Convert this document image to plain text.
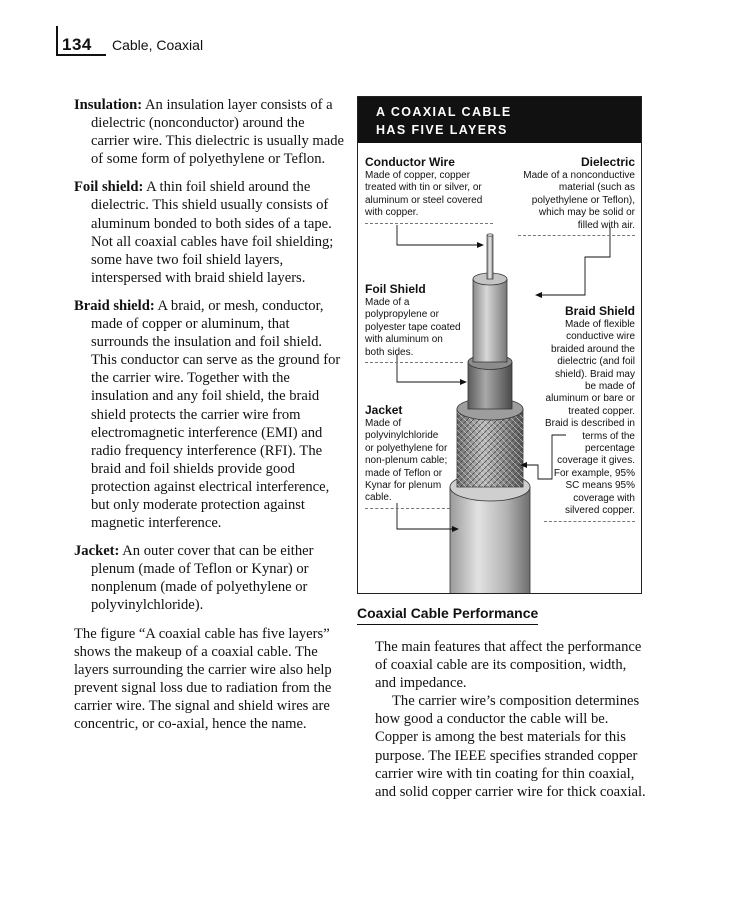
134 Cable, Coaxial

Insulation: An insulation layer consists of a dielectric (nonconductor) around the carrier wire. This dielectric is usually made of some form of polyethylene or Teflon.

Foil shield: A thin foil shield around the dielectric. This shield usually consists of aluminum bonded to both sides of a tape. Not all coaxial cables have foil shielding; some have two foil shield layers, interspersed with braid shield layers.

Braid shield: A braid, or mesh, conductor, made of copper or aluminum, that surrounds the insulation and foil shield. This conductor can serve as the ground for the carrier wire. Together with the insulation and any foil shield, the braid shield protects the carrier wire from electromagnetic interference (EMI) and radio frequency interference (RFI). The braid and foil shields provide good protection against electrical interference, but only moderate protection against magnetic interference.

Jacket: An outer cover that can be either plenum (made of Teflon or Kynar) or nonplenum (made of polyethylene or polyvinylchloride).

The figure “A coaxial cable has five layers” shows the makeup of a coaxial cable. The layers surrounding the carrier wire also help prevent signal loss due to radiation from the carrier wire. The signal and shield wires are concentric, or co-axial, hence the name.

A COAXIAL CABLE
HAS FIVE LAYERS
Conductor Wire
Made of copper, copper treated with tin or silver, or aluminum or steel covered with copper.
Dielectric
Made of a nonconductive material (such as polyethylene or Teflon), which may be solid or filled with air.
Foil Shield
Made of a polypropylene or polyester tape coated with aluminum on both sides.
Braid Shield
Made of flexible conductive wire braided around the dielectric (and foil shield). Braid may be made of aluminum or bare or treated copper. Braid is described in terms of the percentage coverage it gives. For example, 95% SC means 95% coverage with silvered copper.
Jacket
Made of polyvinylchloride or polyethylene for non-plenum cable; made of Teflon or Kynar for plenum cable.
Coaxial Cable Performance

The main features that affect the performance of coaxial cable are its composition, width, and impedance.

The carrier wire’s composition determines how good a conductor the cable will be. Copper is among the best materials for this purpose. The IEEE specifies stranded copper carrier wire with tin coating for thin coaxial, and solid copper carrier wire for thick coaxial.
